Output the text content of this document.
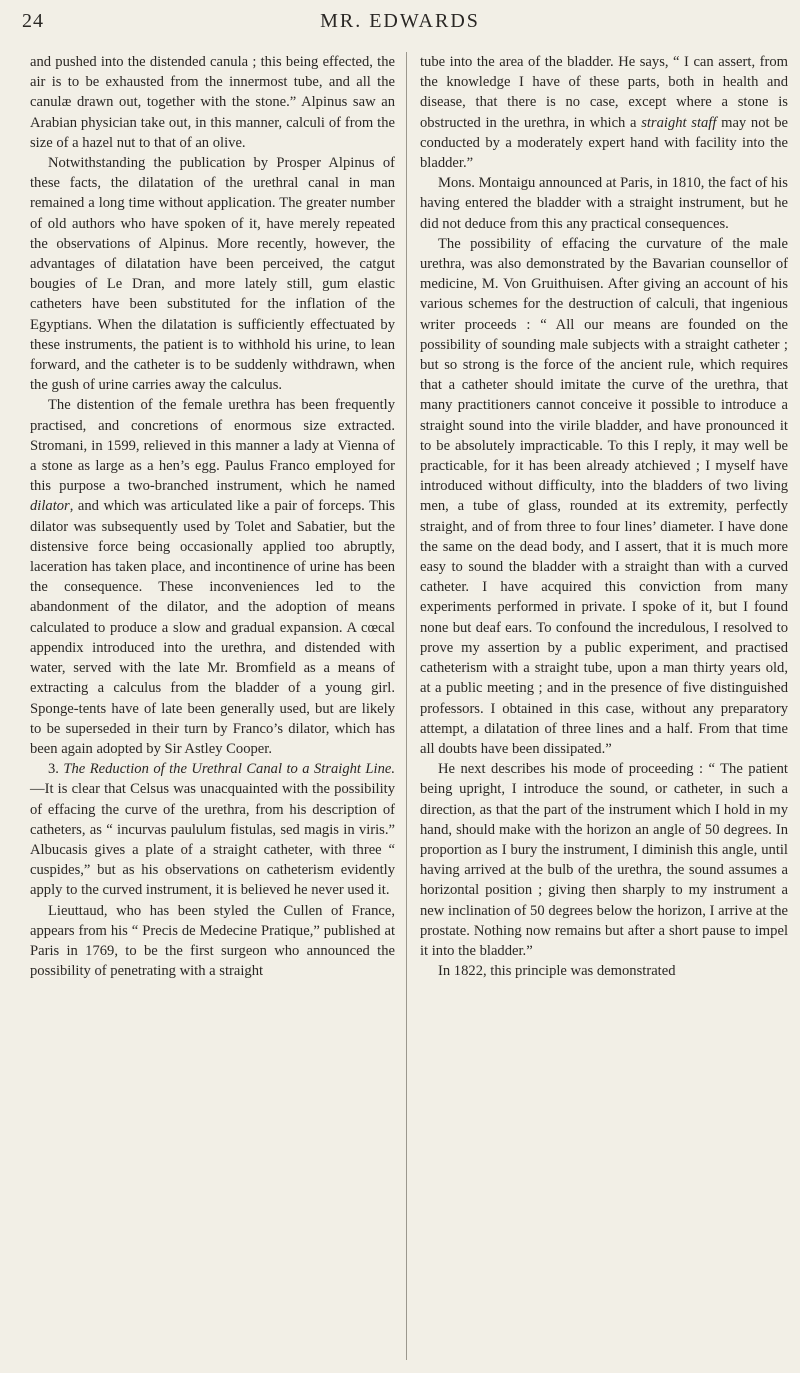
24	MR. EDWARDS

and pushed into the distended canula ; this being effected, the air is to be exhausted from the innermost tube, and all the canulæ drawn out, together with the stone.” Alpinus saw an Arabian physician take out, in this manner, calculi of from the size of a hazel nut to that of an olive.

Notwithstanding the publication by Prosper Alpinus of these facts, the dilatation of the urethral canal in man remained a long time without application. The greater number of old authors who have spoken of it, have merely repeated the observations of Alpinus. More recently, however, the advantages of dilatation have been perceived, the catgut bougies of Le Dran, and more lately still, gum elastic catheters have been substituted for the inflation of the Egyptians. When the dilatation is sufficiently effectuated by these instruments, the patient is to withhold his urine, to lean forward, and the catheter is to be suddenly withdrawn, when the gush of urine carries away the calculus.

The distention of the female urethra has been frequently practised, and concretions of enormous size extracted. Stromani, in 1599, relieved in this manner a lady at Vienna of a stone as large as a hen’s egg. Paulus Franco employed for this purpose a two-branched instrument, which he named dilator, and which was articulated like a pair of forceps. This dilator was subsequently used by Tolet and Sabatier, but the distensive force being occasionally applied too abruptly, laceration has taken place, and incontinence of urine has been the consequence. These inconveniences led to the abandonment of the dilator, and the adoption of means calculated to produce a slow and gradual expansion. A cœcal appendix introduced into the urethra, and distended with water, served with the late Mr. Bromfield as a means of extracting a calculus from the bladder of a young girl. Sponge-tents have of late been generally used, but are likely to be superseded in their turn by Franco’s dilator, which has been again adopted by Sir Astley Cooper.

3. The Reduction of the Urethral Canal to a Straight Line.—It is clear that Celsus was unacquainted with the possibility of effacing the curve of the urethra, from his description of catheters, as “ incurvas paululum fistulas, sed magis in viris.” Albucasis gives a plate of a straight catheter, with three “ cuspides,” but as his observations on catheterism evidently apply to the curved instrument, it is believed he never used it.

Lieuttaud, who has been styled the Cullen of France, appears from his “ Precis de Medecine Pratique,” published at Paris in 1769, to be the first surgeon who announced the possibility of penetrating with a straight

tube into the area of the bladder. He says, “ I can assert, from the knowledge I have of these parts, both in health and disease, that there is no case, except where a stone is obstructed in the urethra, in which a straight staff may not be conducted by a moderately expert hand with facility into the bladder.”

Mons. Montaigu announced at Paris, in 1810, the fact of his having entered the bladder with a straight instrument, but he did not deduce from this any practical consequences.

The possibility of effacing the curvature of the male urethra, was also demonstrated by the Bavarian counsellor of medicine, M. Von Gruithuisen. After giving an account of his various schemes for the destruction of calculi, that ingenious writer proceeds : “ All our means are founded on the possibility of sounding male subjects with a straight catheter ; but so strong is the force of the ancient rule, which requires that a catheter should imitate the curve of the urethra, that many practitioners cannot conceive it possible to introduce a straight sound into the virile bladder, and have pronounced it to be absolutely impracticable. To this I reply, it may well be practicable, for it has been already atchieved ; I myself have introduced without difficulty, into the bladders of two living men, a tube of glass, rounded at its extremity, perfectly straight, and of from three to four lines’ diameter. I have done the same on the dead body, and I assert, that it is much more easy to sound the bladder with a straight than with a curved catheter. I have acquired this conviction from many experiments performed in private. I spoke of it, but I found none but deaf ears. To confound the incredulous, I resolved to prove my assertion by a public experiment, and practised catheterism with a straight tube, upon a man thirty years old, at a public meeting ; and in the presence of five distinguished professors. I obtained in this case, without any preparatory attempt, a dilatation of three lines and a half. From that time all doubts have been dissipated.”

He next describes his mode of proceeding : “ The patient being upright, I introduce the sound, or catheter, in such a direction, as that the part of the instrument which I hold in my hand, should make with the horizon an angle of 50 degrees. In proportion as I bury the instrument, I diminish this angle, until having arrived at the bulb of the urethra, the sound assumes a horizontal position ; giving then sharply to my instrument a new inclination of 50 degrees below the horizon, I arrive at the prostate. Nothing now remains but after a short pause to impel it into the bladder.”

In 1822, this principle was demonstrated
